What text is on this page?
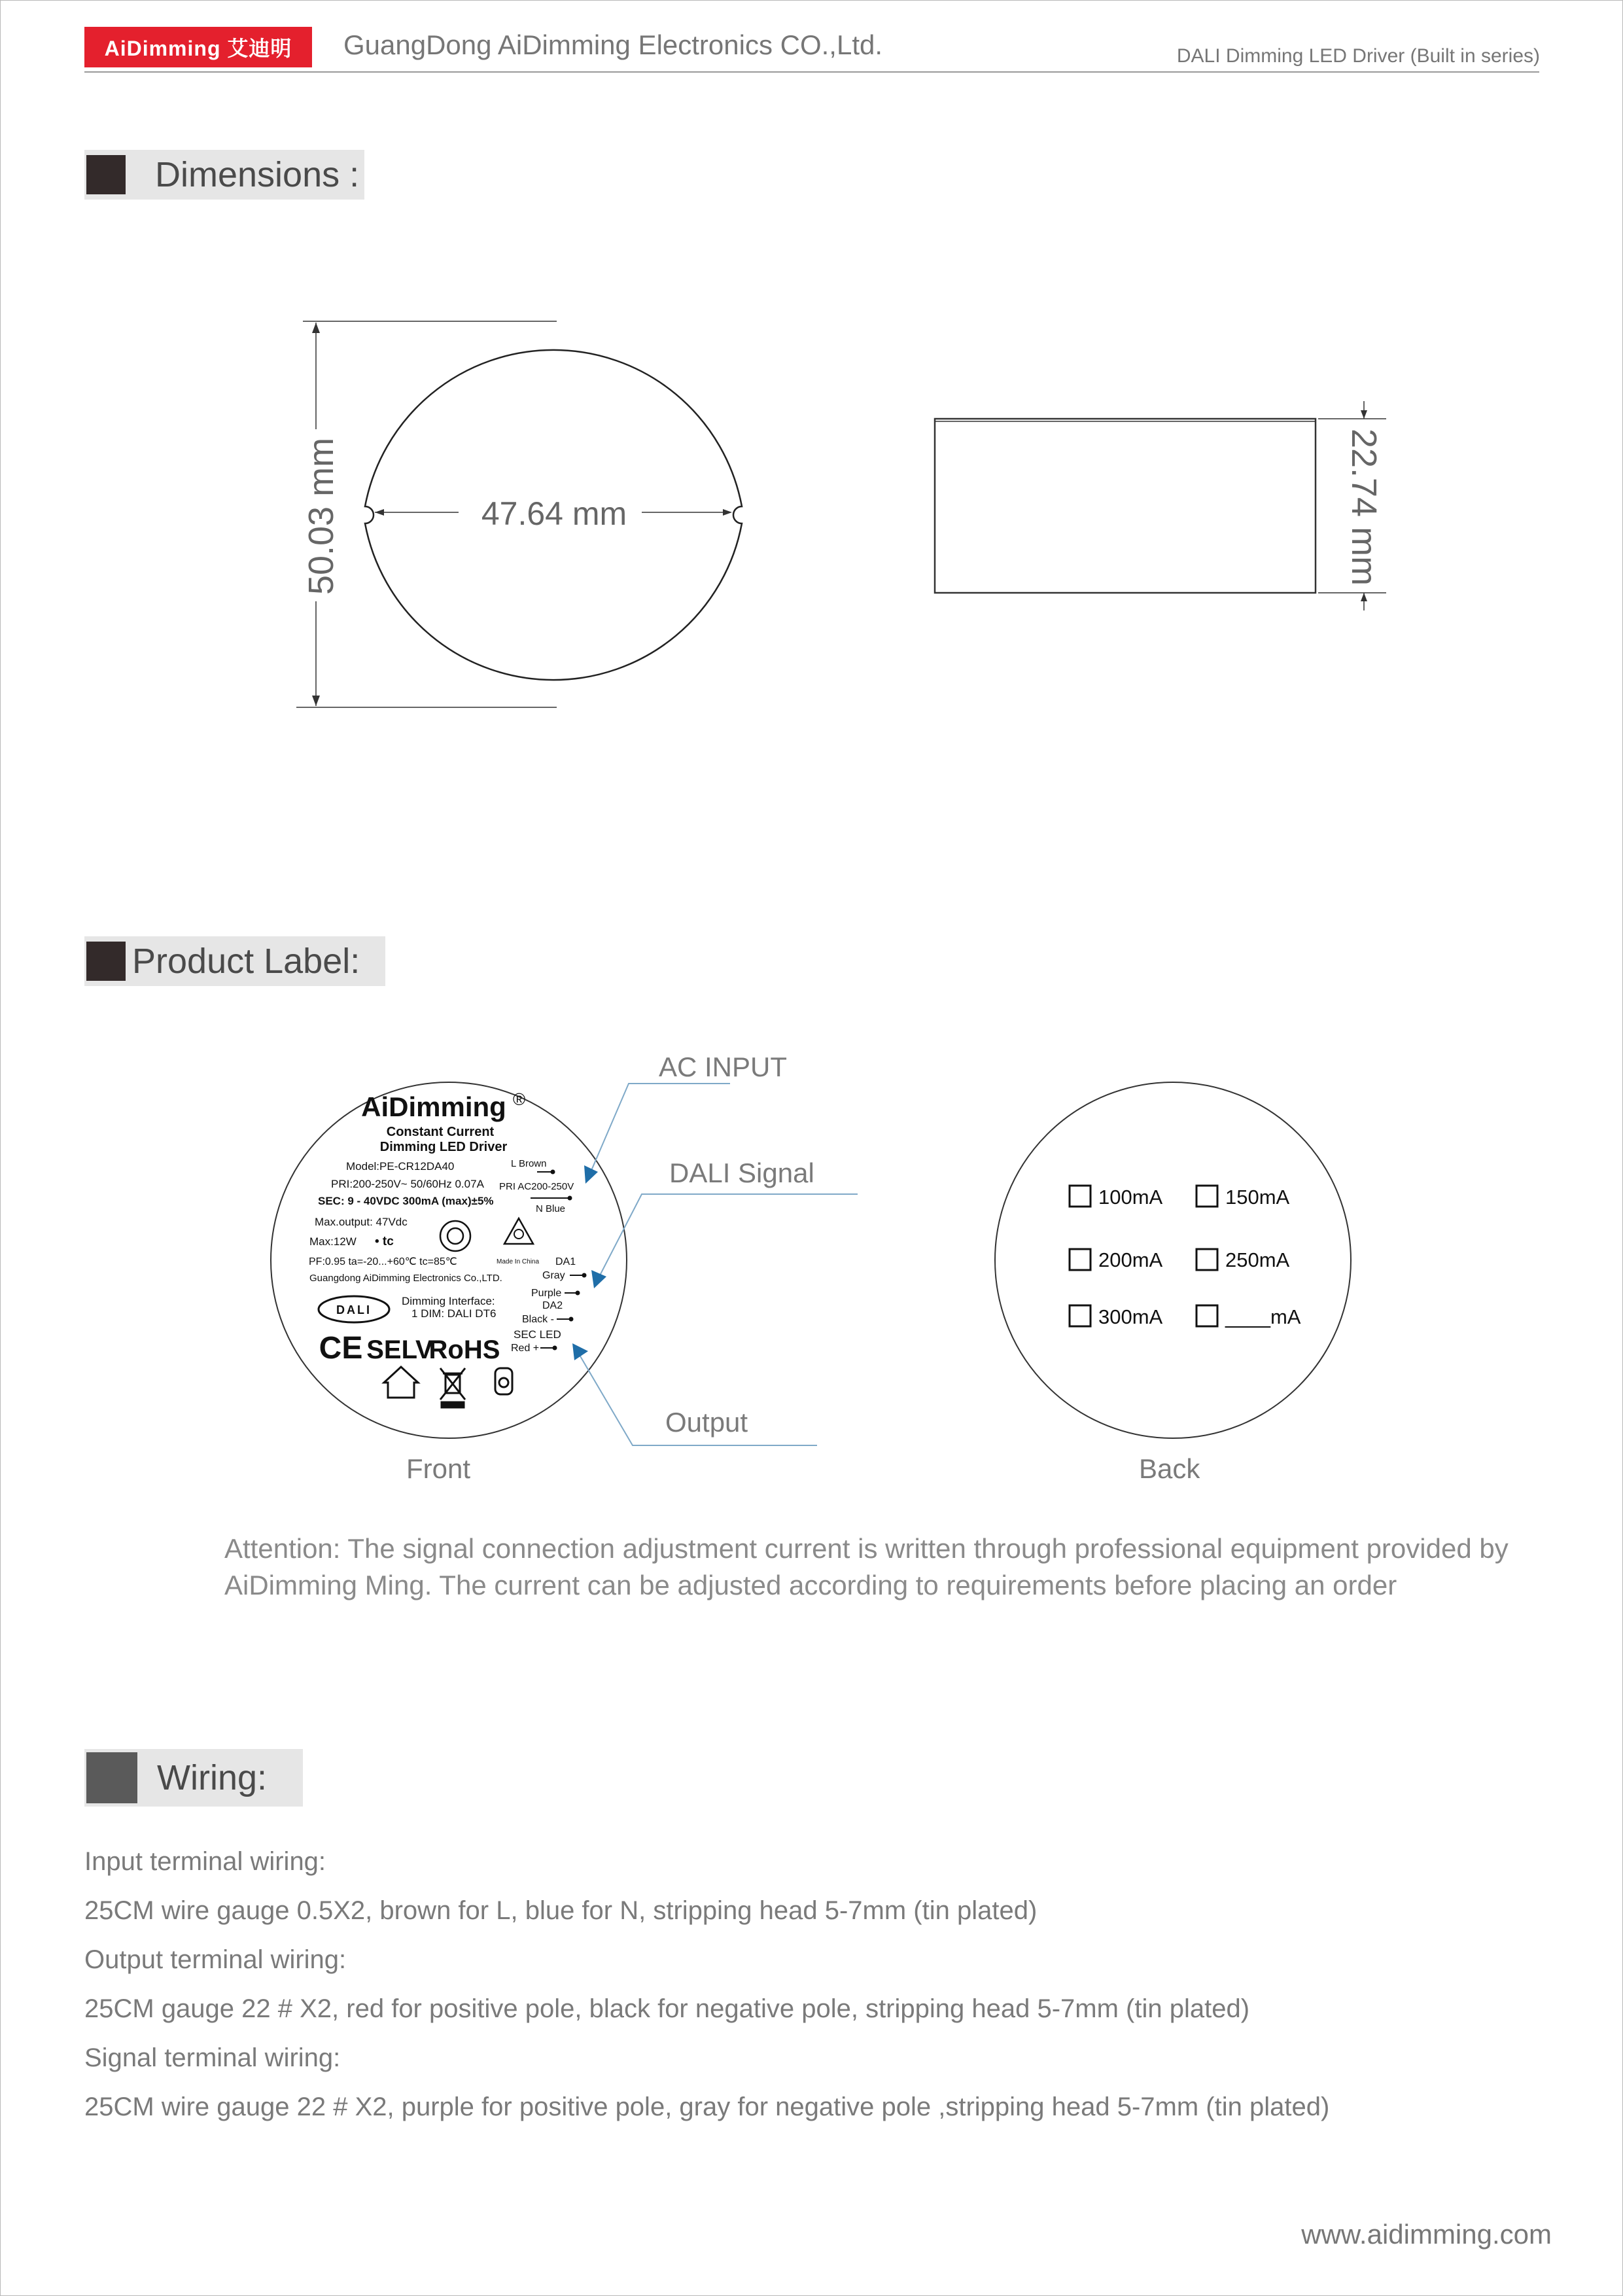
AiDimming 艾迪明 GuangDong AiDimming Electronics CO.,Ltd.	DALI Dimming LED Driver (Built in series)
Dimensions :
50.03 mm	47.64 mm	22.74 mm
Product Label:
AiDimming ®
Constant Current
Dimming LED Driver
Model:PE-CR12DA40
PRI:200-250V~ 50/60Hz 0.07A
SEC: 9 - 40VDC 300mA (max)±5%
Max.output: 47Vdc
Max:12W • tc
PF:0.95 ta=-20...+60℃ tc=85℃
Guangdong AiDimming Electronics Co.,LTD.
Dimming Interface:
1 DIM: DALI DT6
L Brown
PRI AC200-250V
N Blue
Made In China DA1
Gray
Purple
DA2
Black -
SEC LED
Red +
DALI
CE SELV
RoHS
AC INPUT
DALI Signal
Output
100mA	150mA
200mA	250mA
300mA	____mA
Front	Back
Attention: The signal connection adjustment current is written through professional equipment provided by AiDimming Ming. The current can be adjusted according to requirements before placing an order
Wiring:
Input terminal wiring:
25CM wire gauge 0.5X2, brown for L, blue for N, stripping head 5-7mm (tin plated)
Output terminal wiring:
25CM gauge 22 # X2, red for positive pole, black for negative pole, stripping head 5-7mm (tin plated)
Signal terminal wiring:
25CM wire gauge 22 # X2, purple for positive pole, gray for negative pole ,stripping head 5-7mm (tin plated)
www.aidimming.com
